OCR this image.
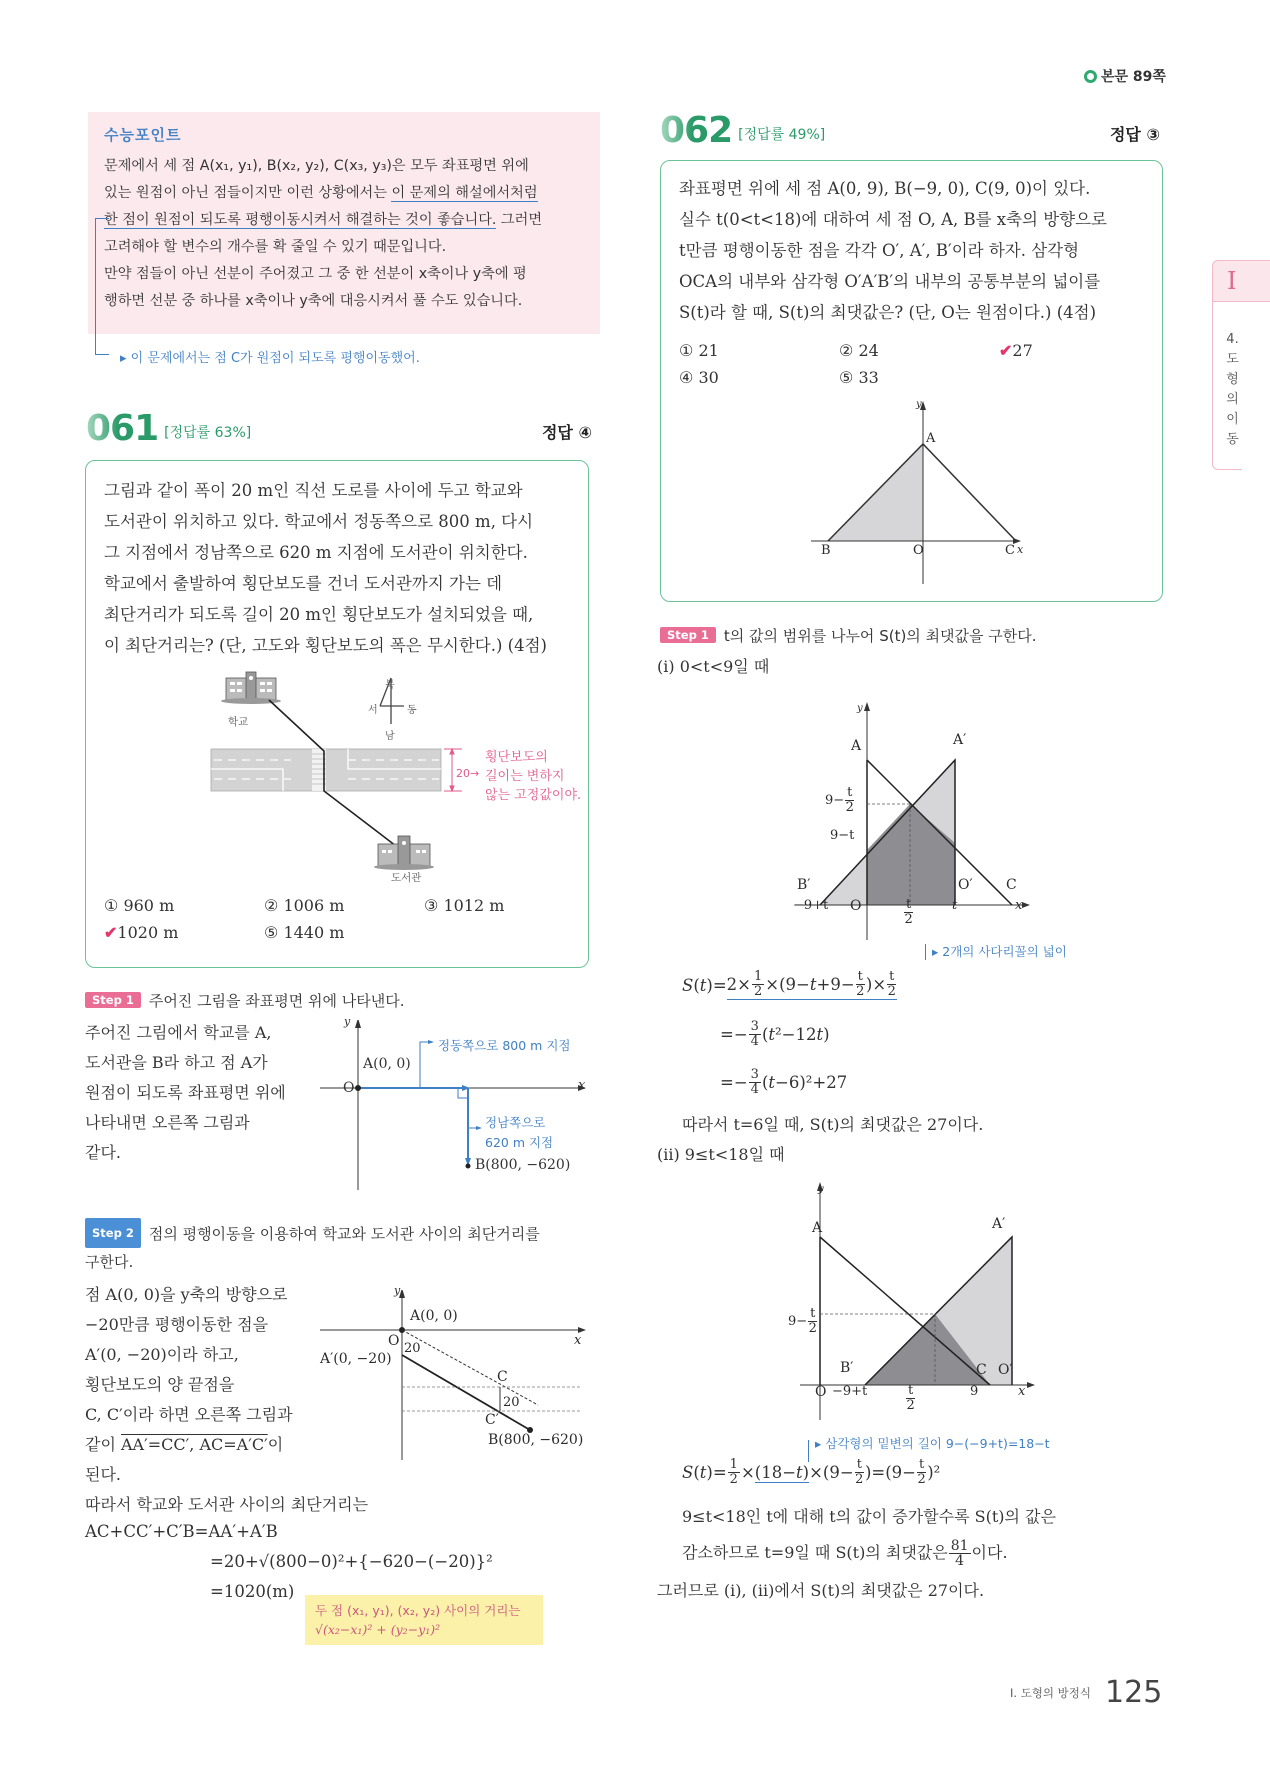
본문 89쪽
수능포인트

문제에서 세 점 A(x₁, y₁), B(x₂, y₂), C(x₃, y₃)은 모두 좌표평면 위에
있는 원점이 아닌 점들이지만 이런 상황에서는 이 문제의 해설에서처럼
한 점이 원점이 되도록 평행이동시켜서 해결하는 것이 좋습니다. 그러면
고려해야 할 변수의 개수를 확 줄일 수 있기 때문입니다.
만약 점들이 아닌 선분이 주어졌고 그 중 한 선분이 x축이나 y축에 평
행하면 선분 중 하나를 x축이나 y축에 대응시켜서 풀 수도 있습니다.

▸ 이 문제에서는 점 C가 원점이 되도록 평행이동했어.
061 [정답률 63%]	정답 ④
그림과 같이 폭이 20 m인 직선 도로를 사이에 두고 학교와
도서관이 위치하고 있다. 학교에서 정동쪽으로 800 m, 다시
그 지점에서 정남쪽으로 620 m 지점에 도서관이 위치한다.
학교에서 출발하여 횡단보도를 건너 도서관까지 가는 데
최단거리가 되도록 길이 20 m인 횡단보도가 설치되었을 때,
이 최단거리는? (단, 고도와 횡단보도의 폭은 무시한다.) (4점)
학교
북
서	동
남
20→
횡단보도의
길이는 변하지
않는 고정값이야.
도서관
① 960 m	② 1006 m	③ 1012 m
✔1020 m	⑤ 1440 m
Step 1 주어진 그림을 좌표평면 위에 나타낸다.
주어진 그림에서 학교를 A,
도서관을 B라 하고 점 A가
원점이 되도록 좌표평면 위에
나타내면 오른쪽 그림과
같다.
y
x
O
A(0, 0)
B(800, −620)
정동쪽으로 800 m 지점
정남쪽으로
620 m 지점
Step 2 점의 평행이동을 이용하여 학교와 도서관 사이의 최단거리를
구한다.
점 A(0, 0)을 y축의 방향으로
−20만큼 평행이동한 점을
A′(0, −20)이라 하고,
횡단보도의 양 끝점을
C, C′이라 하면 오른쪽 그림과
같이 AA′=CC′, AC=A′C′이
된다.
y
x
A(0, 0)
O 20
A′(0, −20)
C
20
C′
B(800, −620)
따라서 학교와 도서관 사이의 최단거리는
AC+CC′+C′B=AA′+A′B
=20+√(800−0)²+{−620−(−20)}²
=1020(m)
두 점 (x₁, y₁), (x₂, y₂) 사이의 거리는
√(x₂−x₁)² + (y₂−y₁)²
062 [정답률 49%]	정답 ③
좌표평면 위에 세 점 A(0, 9), B(−9, 0), C(9, 0)이 있다.
실수 t(0<t<18)에 대하여 세 점 O, A, B를 x축의 방향으로
t만큼 평행이동한 점을 각각 O′, A′, B′이라 하자. 삼각형
OCA의 내부와 삼각형 O′A′B′의 내부의 공통부분의 넓이를
S(t)라 할 때, S(t)의 최댓값은? (단, O는 원점이다.) (4점)
① 21	② 24	✔27
④ 30	⑤ 33
y
A
B	O	C x
Step 1 t의 값의 범위를 나누어 S(t)의 최댓값을 구한다.
(i) 0<t<9일 때
y
A	A′
$9- \frac{t}{2}$
9−t
B′	O′ C
−9+t O	$\frac{t}{2}$	t	x
▸ 2개의 사다리꼴의 넓이
S ( t )= $2\times \frac{1}{2} \times(9- t +9- \frac{t}{2}$ )× $\frac{t}{2}$
=− $\frac{3}{4}$ ( t ²−12 t )
=− $\frac{3}{4}$ ( t −6)²+27
따라서 t=6일 때, S(t)의 최댓값은 27이다.
(ii) 9≤t<18일 때
y
A	A′
$9- \frac{t}{2}$
B′	C O′
O −9+t	$\frac{t}{2}$	9	x
▸ 삼각형의 밑변의 길이 9−(−9+t)=18−t
S ( t )= $\frac{1}{2} \times (18-t) \times(9- \frac{t}{2} )=(9- \frac{t}{2} )^2$
9≤t<18인 t에 대해 t의 값이 증가할수록 S(t)의 값은
감소하므로 t=9일 때 S(t)의 최댓값은 $\frac{81}{4}$ 이다.
그러므로 (i), (ii)에서 S(t)의 최댓값은 27이다.
I
4.
도
형
의
이
동
I. 도형의 방정식 125
